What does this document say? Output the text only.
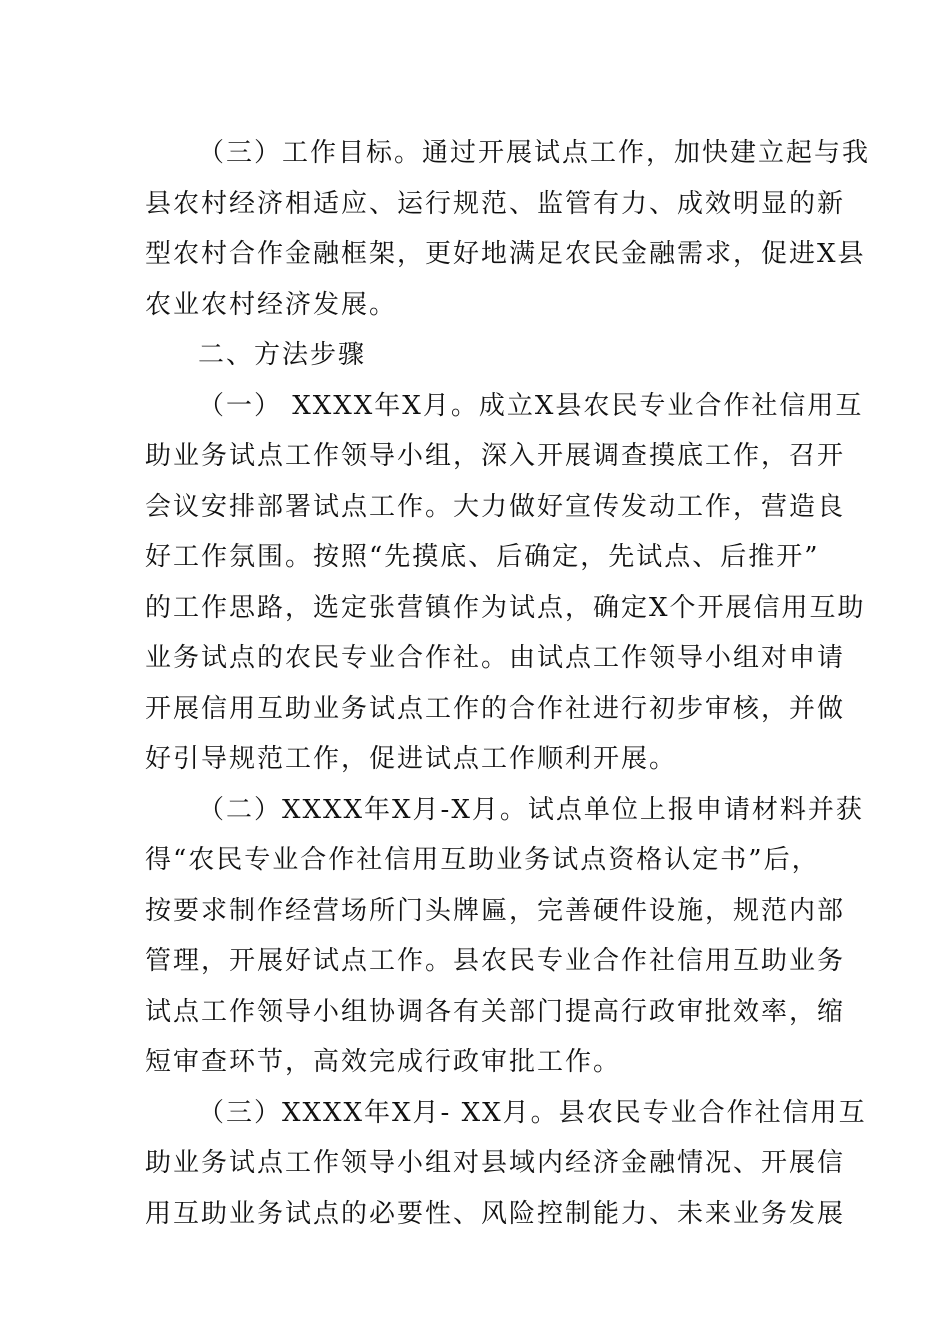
（三）工作目标。通过开展试点工作，加快建立起与我
县农村经济相适应、运行规范、监管有力、成效明显的新
型农村合作金融框架，更好地满足农民金融需求，促进X县
农业农村经济发展。
二、方法步骤
（一） XXXX年X月。成立X县农民专业合作社信用互
助业务试点工作领导小组，深入开展调查摸底工作，召开
会议安排部署试点工作。大力做好宣传发动工作，营造良
好工作氛围。按照“先摸底、后确定，先试点、后推开”
的工作思路，选定张营镇作为试点，确定X个开展信用互助
业务试点的农民专业合作社。由试点工作领导小组对申请
开展信用互助业务试点工作的合作社进行初步审核，并做
好引导规范工作，促进试点工作顺利开展。
（二）XXXX年X月-X月。试点单位上报申请材料并获
得“农民专业合作社信用互助业务试点资格认定书”后，
按要求制作经营场所门头牌匾，完善硬件设施，规范内部
管理，开展好试点工作。县农民专业合作社信用互助业务
试点工作领导小组协调各有关部门提高行政审批效率，缩
短审查环节，高效完成行政审批工作。
（三）XXXX年X月- XX月。县农民专业合作社信用互
助业务试点工作领导小组对县域内经济金融情况、开展信
用互助业务试点的必要性、风险控制能力、未来业务发展
